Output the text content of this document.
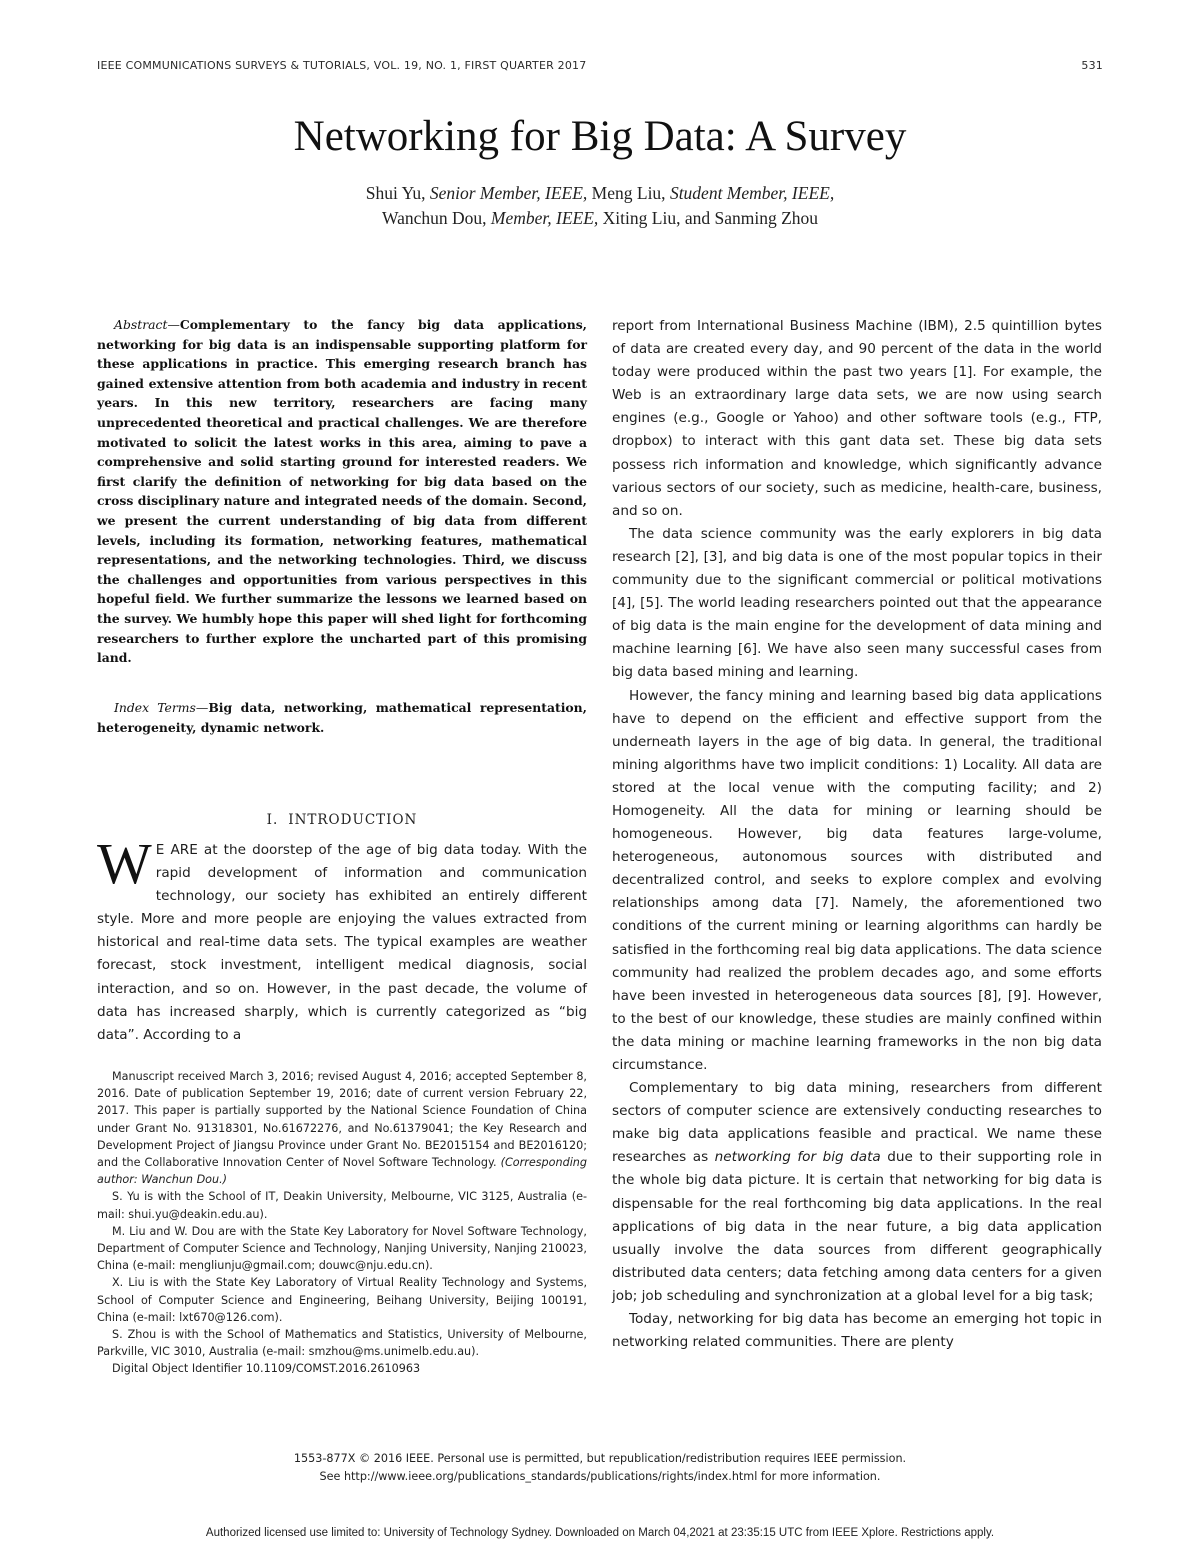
IEEE COMMUNICATIONS SURVEYS & TUTORIALS, VOL. 19, NO. 1, FIRST QUARTER 2017	531
Networking for Big Data: A Survey
Shui Yu, Senior Member, IEEE, Meng Liu, Student Member, IEEE,
Wanchun Dou, Member, IEEE, Xiting Liu, and Sanming Zhou

Abstract—Complementary to the fancy big data applications, networking for big data is an indispensable supporting platform for these applications in practice. This emerging research branch has gained extensive attention from both academia and industry in recent years. In this new territory, researchers are facing many unprecedented theoretical and practical challenges. We are therefore motivated to solicit the latest works in this area, aiming to pave a comprehensive and solid starting ground for interested readers. We first clarify the definition of networking for big data based on the cross disciplinary nature and integrated needs of the domain. Second, we present the current understanding of big data from different levels, including its formation, networking features, mathematical representations, and the networking technologies. Third, we discuss the challenges and opportunities from various perspectives in this hopeful field. We further summarize the lessons we learned based on the survey. We humbly hope this paper will shed light for forthcoming researchers to further explore the uncharted part of this promising land.

Index Terms—Big data, networking, mathematical representation, heterogeneity, dynamic network.

I. INTRODUCTION

W E ARE at the doorstep of the age of big data today. With the rapid development of information and communication technology, our society has exhibited an entirely different style. More and more people are enjoying the values extracted from historical and real-time data sets. The typical examples are weather forecast, stock investment, intelligent medical diagnosis, social interaction, and so on. However, in the past decade, the volume of data has increased sharply, which is currently categorized as “big data”. According to a

Manuscript received March 3, 2016; revised August 4, 2016; accepted September 8, 2016. Date of publication September 19, 2016; date of current version February 22, 2017. This paper is partially supported by the National Science Foundation of China under Grant No. 91318301, No.61672276, and No.61379041; the Key Research and Development Project of Jiangsu Province under Grant No. BE2015154 and BE2016120; and the Collaborative Innovation Center of Novel Software Technology. (Corresponding author: Wanchun Dou.)

S. Yu is with the School of IT, Deakin University, Melbourne, VIC 3125, Australia (e-mail: shui.yu@deakin.edu.au).

M. Liu and W. Dou are with the State Key Laboratory for Novel Software Technology, Department of Computer Science and Technology, Nanjing University, Nanjing 210023, China (e-mail: mengliunju@gmail.com; douwc@nju.edu.cn).

X. Liu is with the State Key Laboratory of Virtual Reality Technology and Systems, School of Computer Science and Engineering, Beihang University, Beijing 100191, China (e-mail: lxt670@126.com).

S. Zhou is with the School of Mathematics and Statistics, University of Melbourne, Parkville, VIC 3010, Australia (e-mail: smzhou@ms.unimelb.edu.au).

Digital Object Identifier 10.1109/COMST.2016.2610963

report from International Business Machine (IBM), 2.5 quintillion bytes of data are created every day, and 90 percent of the data in the world today were produced within the past two years [1]. For example, the Web is an extraordinary large data sets, we are now using search engines (e.g., Google or Yahoo) and other software tools (e.g., FTP, dropbox) to interact with this gant data set. These big data sets possess rich information and knowledge, which significantly advance various sectors of our society, such as medicine, health-care, business, and so on.

The data science community was the early explorers in big data research [2], [3], and big data is one of the most popular topics in their community due to the significant commercial or political motivations [4], [5]. The world leading researchers pointed out that the appearance of big data is the main engine for the development of data mining and machine learning [6]. We have also seen many successful cases from big data based mining and learning.

However, the fancy mining and learning based big data applications have to depend on the efficient and effective support from the underneath layers in the age of big data. In general, the traditional mining algorithms have two implicit conditions: 1) Locality. All data are stored at the local venue with the computing facility; and 2) Homogeneity. All the data for mining or learning should be homogeneous. However, big data features large-volume, heterogeneous, autonomous sources with distributed and decentralized control, and seeks to explore complex and evolving relationships among data [7]. Namely, the aforementioned two conditions of the current mining or learning algorithms can hardly be satisfied in the forthcoming real big data applications. The data science community had realized the problem decades ago, and some efforts have been invested in heterogeneous data sources [8], [9]. However, to the best of our knowledge, these studies are mainly confined within the data mining or machine learning frameworks in the non big data circumstance.

Complementary to big data mining, researchers from different sectors of computer science are extensively conducting researches to make big data applications feasible and practical. We name these researches as networking for big data due to their supporting role in the whole big data picture. It is certain that networking for big data is dispensable for the real forthcoming big data applications. In the real applications of big data in the near future, a big data application usually involve the data sources from different geographically distributed data centers; data fetching among data centers for a given job; job scheduling and synchronization at a global level for a big task;

Today, networking for big data has become an emerging hot topic in networking related communities. There are plenty

1553-877X © 2016 IEEE. Personal use is permitted, but republication/redistribution requires IEEE permission.
See http://www.ieee.org/publications_standards/publications/rights/index.html for more information.
Authorized licensed use limited to: University of Technology Sydney. Downloaded on March 04,2021 at 23:35:15 UTC from IEEE Xplore. Restrictions apply.
